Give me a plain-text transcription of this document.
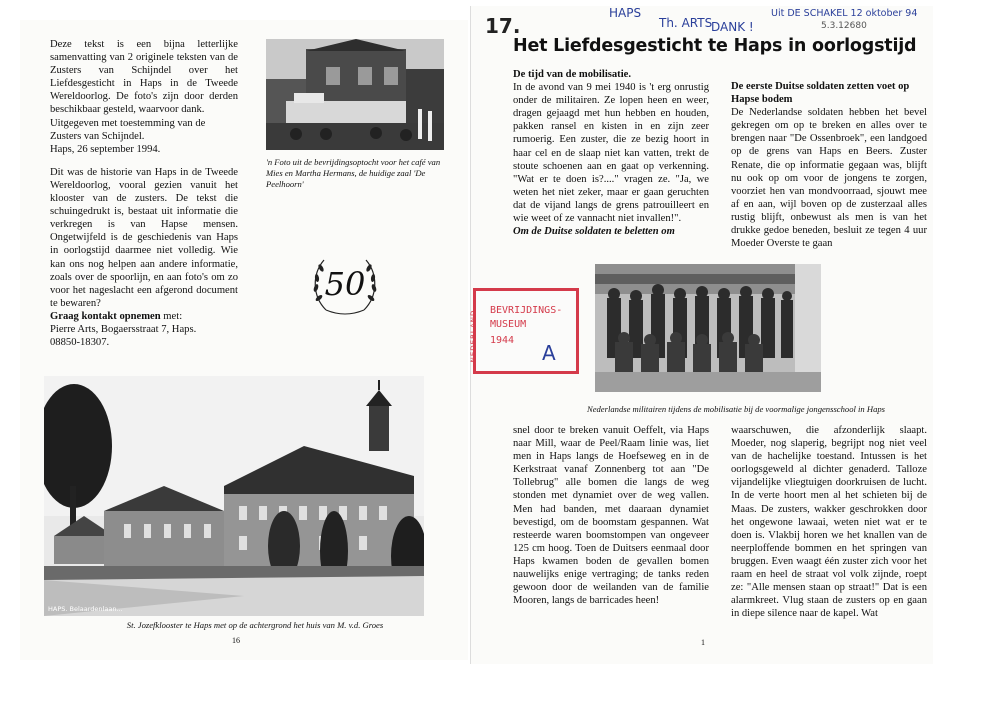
Deze tekst is een bijna letterlijke samenvatting van 2 originele teksten van de Zusters van Schijndel over het Liefdesgesticht in Haps in de Tweede Wereldoorlog. De foto's zijn door derden beschikbaar gesteld, waarvoor dank.

Uitgegeven met toestemming van de Zusters van Schijndel.

Haps, 26 september 1994.

Dit was de historie van Haps in de Tweede Wereldoorlog, vooral gezien vanuit het klooster van de zusters. De tekst die schuingedrukt is, bestaat uit informatie die verkregen is van Hapse mensen. Ongetwijfeld is de geschiedenis van Haps in oorlogstijd daarmee niet volledig. Wie kan ons nog helpen aan andere informatie, zoals over de spoorlijn, en aan foto's om zo voor het nageslacht een afgerond document te bewaren?

Graag kontakt opnemen met:
Pierre Arts, Bogaersstraat 7, Haps.
08850-18307.
'n Foto uit de bevrijdingsoptocht voor het café van Mies en Martha Hermans, de huidige zaal 'De Peelhoorn'
50
HAPS. Belaardenlaan...
St. Jozefklooster te Haps met op de achtergrond het huis van M. v.d. Groes
16
17.
HAPS
Th. ARTS
DANK !
Uit DE SCHAKEL 12 oktober 94
5.3.12680
Het Liefdesgesticht te Haps in oorlogstijd
De tijd van de mobilisatie.
In de avond van 9 mei 1940 is 't erg onrustig onder de militairen. Ze lopen heen en weer, dragen gejaagd met hun hebben en houden, pakken ransel en kisten in en zijn zeer rumoerig. Een zuster, die ze bezig hoort in haar cel en de slaap niet kan vatten, trekt de stoute schoenen aan en gaat op verkenning. "Wat er te doen is?...." vragen ze. "Ja, we weten het niet zeker, maar er gaan geruchten dat de vijand langs de grens patrouilleert en wie weet of ze vannacht niet invallen!".
Om de Duitse soldaten te beletten om
De eerste Duitse soldaten zetten voet op Hapse bodem
De Nederlandse soldaten hebben het bevel gekregen om op te breken en alles over te brengen naar "De Ossenbroek", een landgoed op de grens van Haps en Beers. Zuster Renate, die op informatie gegaan was, blijft nu ook op om voor de jongens te zorgen, voorziet hen van mondvoorraad, sjouwt mee af en aan, wijl boven op de zusterzaal alles rustig blijft, onbewust als men is van het drukke gedoe beneden, besluit ze tegen 4 uur Moeder Overste te gaan
BEVRIJDINGS-
MUSEUM
1944
A
NEDERLAND
Nederlandse militairen tijdens de mobilisatie bij de voormalige jongensschool in Haps
snel door te breken vanuit Oeffelt, via Haps naar Mill, waar de Peel/Raam linie was, liet men in Haps langs de Hoefseweg en in de Kerkstraat vanaf Zonnenberg tot aan "De Tollebrug" alle bomen die langs de weg stonden met dynamiet over de weg vallen. Men had banden, met daaraan dynamiet bevestigd, om de boomstam gespannen. Wat resteerde waren boomstompen van ongeveer 125 cm hoog. Toen de Duitsers eenmaal door Haps kwamen boden de gevallen bomen nauwelijks enige vertraging; de tanks reden gewoon door de weilanden van de familie Mooren, langs de barricades heen!
waarschuwen, die afzonderlijk slaapt. Moeder, nog slaperig, begrijpt nog niet veel van de hachelijke toestand. Intussen is het oorlogsgeweld al dichter genaderd. Talloze vijandelijke vliegtuigen doorkruisen de lucht. In de verte hoort men al het schieten bij de Maas. De zusters, wakker geschrokken door het ongewone lawaai, weten niet wat er te doen is. Vlakbij horen we het knallen van de neerploffende bommen en het springen van bruggen. Even waagt één zuster zich voor het raam en heel de straat vol volk zijnde, roept ze: "Alle mensen staan op straat!" Dat is een alarmkreet. Vlug staan de zusters op en gaan in diepe silence naar de kapel. Wat
1
